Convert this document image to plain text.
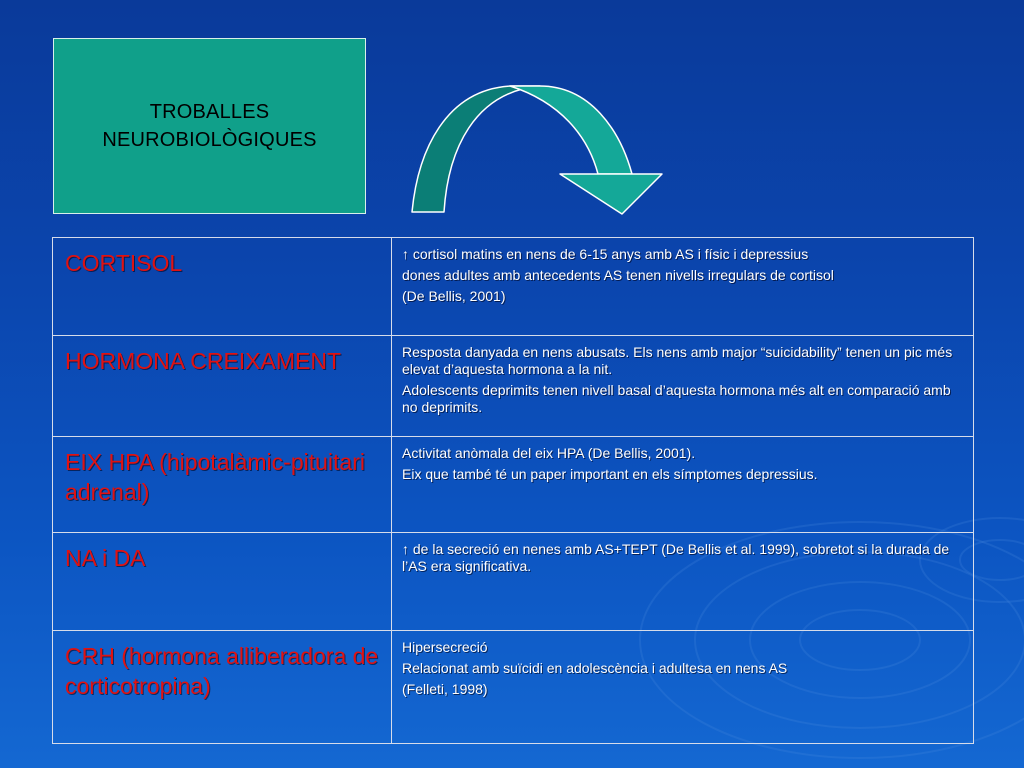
TROBALLES
NEUROBIOLÒGIQUES
CORTISOL	↑ cortisol matins en nens de 6-15 anys amb AS i físic i depressius

dones adultes amb antecedents AS tenen nivells irregulars de cortisol

(De Bellis, 2001)

HORMONA CREIXAMENT	Resposta danyada en nens abusats. Els nens amb major “suicidability” tenen un pic més elevat d’aquesta hormona a la nit.

Adolescents deprimits tenen nivell basal d’aquesta hormona més alt en comparació amb no deprimits.

EIX HPA (hipotalàmic-pituitari adrenal)	Activitat anòmala del eix HPA (De Bellis, 2001).

Eix que també té un paper important en els símptomes depressius.

NA i DA	↑ de la secreció en nenes amb AS+TEPT (De Bellis et al. 1999), sobretot si la durada de l’AS era significativa.

CRH (hormona alliberadora de corticotropina)	Hipersecreció

Relacionat amb suïcidi en adolescència i adultesa en nens AS

(Felleti, 1998)
